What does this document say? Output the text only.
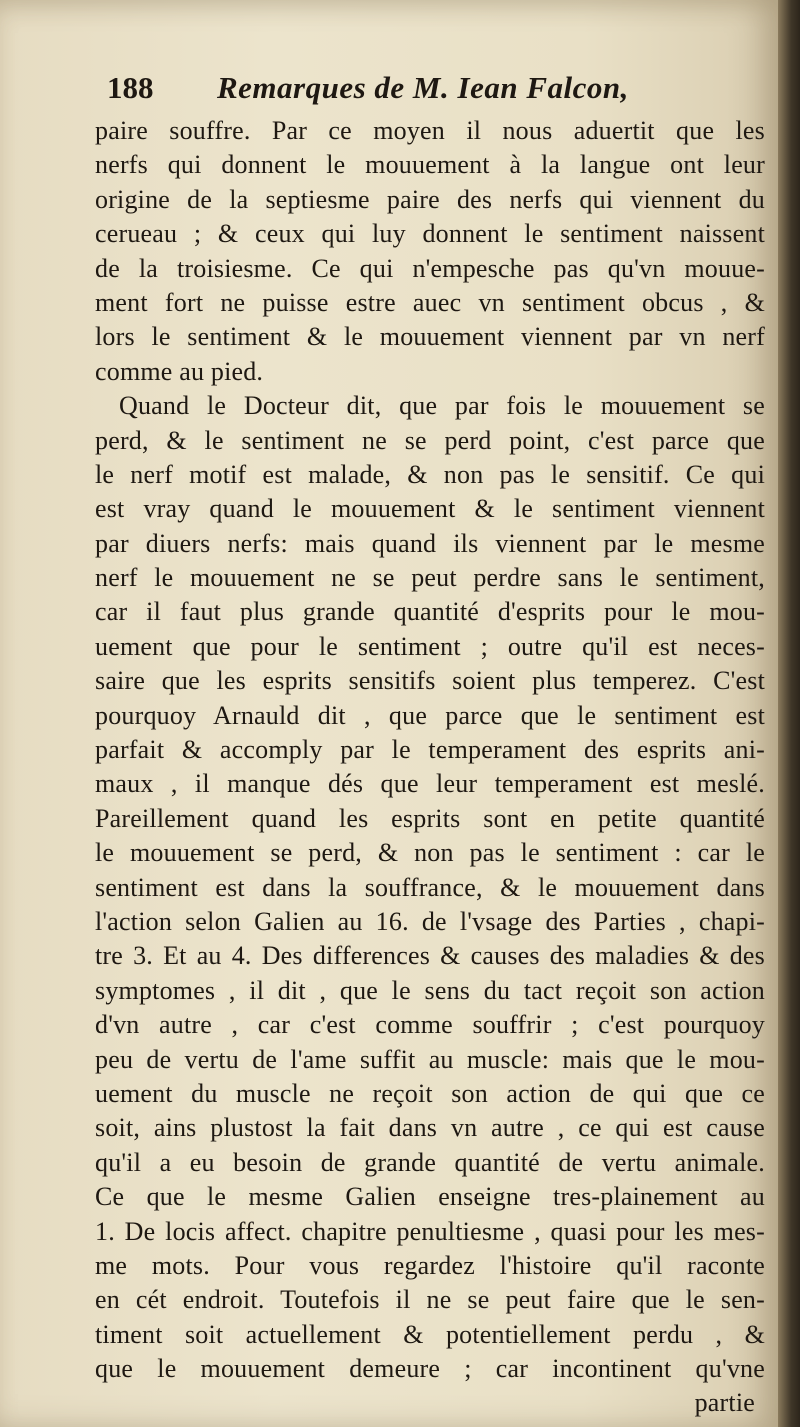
188	Remarques de M. Iean Falcon,
paire souffre. Par ce moyen il nous aduertit que les
nerfs qui donnent le mouuement à la langue ont leur
origine de la septiesme paire des nerfs qui viennent du
cerueau ; & ceux qui luy donnent le sentiment naissent
de la troisiesme. Ce qui n'empesche pas qu'vn mouue-
ment fort ne puisse estre auec vn sentiment obcus , &
lors le sentiment & le mouuement viennent par vn nerf
comme au pied.
Quand le Docteur dit, que par fois le mouuement se
perd, & le sentiment ne se perd point, c'est parce que
le nerf motif est malade, & non pas le sensitif. Ce qui
est vray quand le mouuement & le sentiment viennent
par diuers nerfs: mais quand ils viennent par le mesme
nerf le mouuement ne se peut perdre sans le sentiment,
car il faut plus grande quantité d'esprits pour le mou-
uement que pour le sentiment ; outre qu'il est neces-
saire que les esprits sensitifs soient plus temperez. C'est
pourquoy Arnauld dit , que parce que le sentiment est
parfait & accomply par le temperament des esprits ani-
maux , il manque dés que leur temperament est meslé.
Pareillement quand les esprits sont en petite quantité
le mouuement se perd, & non pas le sentiment : car le
sentiment est dans la souffrance, & le mouuement dans
l'action selon Galien au 16. de l'vsage des Parties , chapi-
tre 3. Et au 4. Des differences & causes des maladies & des
symptomes , il dit , que le sens du tact reçoit son action
d'vn autre , car c'est comme souffrir ; c'est pourquoy
peu de vertu de l'ame suffit au muscle: mais que le mou-
uement du muscle ne reçoit son action de qui que ce
soit, ains plustost la fait dans vn autre , ce qui est cause
qu'il a eu besoin de grande quantité de vertu animale.
Ce que le mesme Galien enseigne tres-plainement au
1. De locis affect. chapitre penultiesme , quasi pour les mes-
me mots. Pour vous regardez l'histoire qu'il raconte
en cét endroit. Toutefois il ne se peut faire que le sen-
timent soit actuellement & potentiellement perdu , &
que le mouuement demeure ; car incontinent qu'vne
partie
